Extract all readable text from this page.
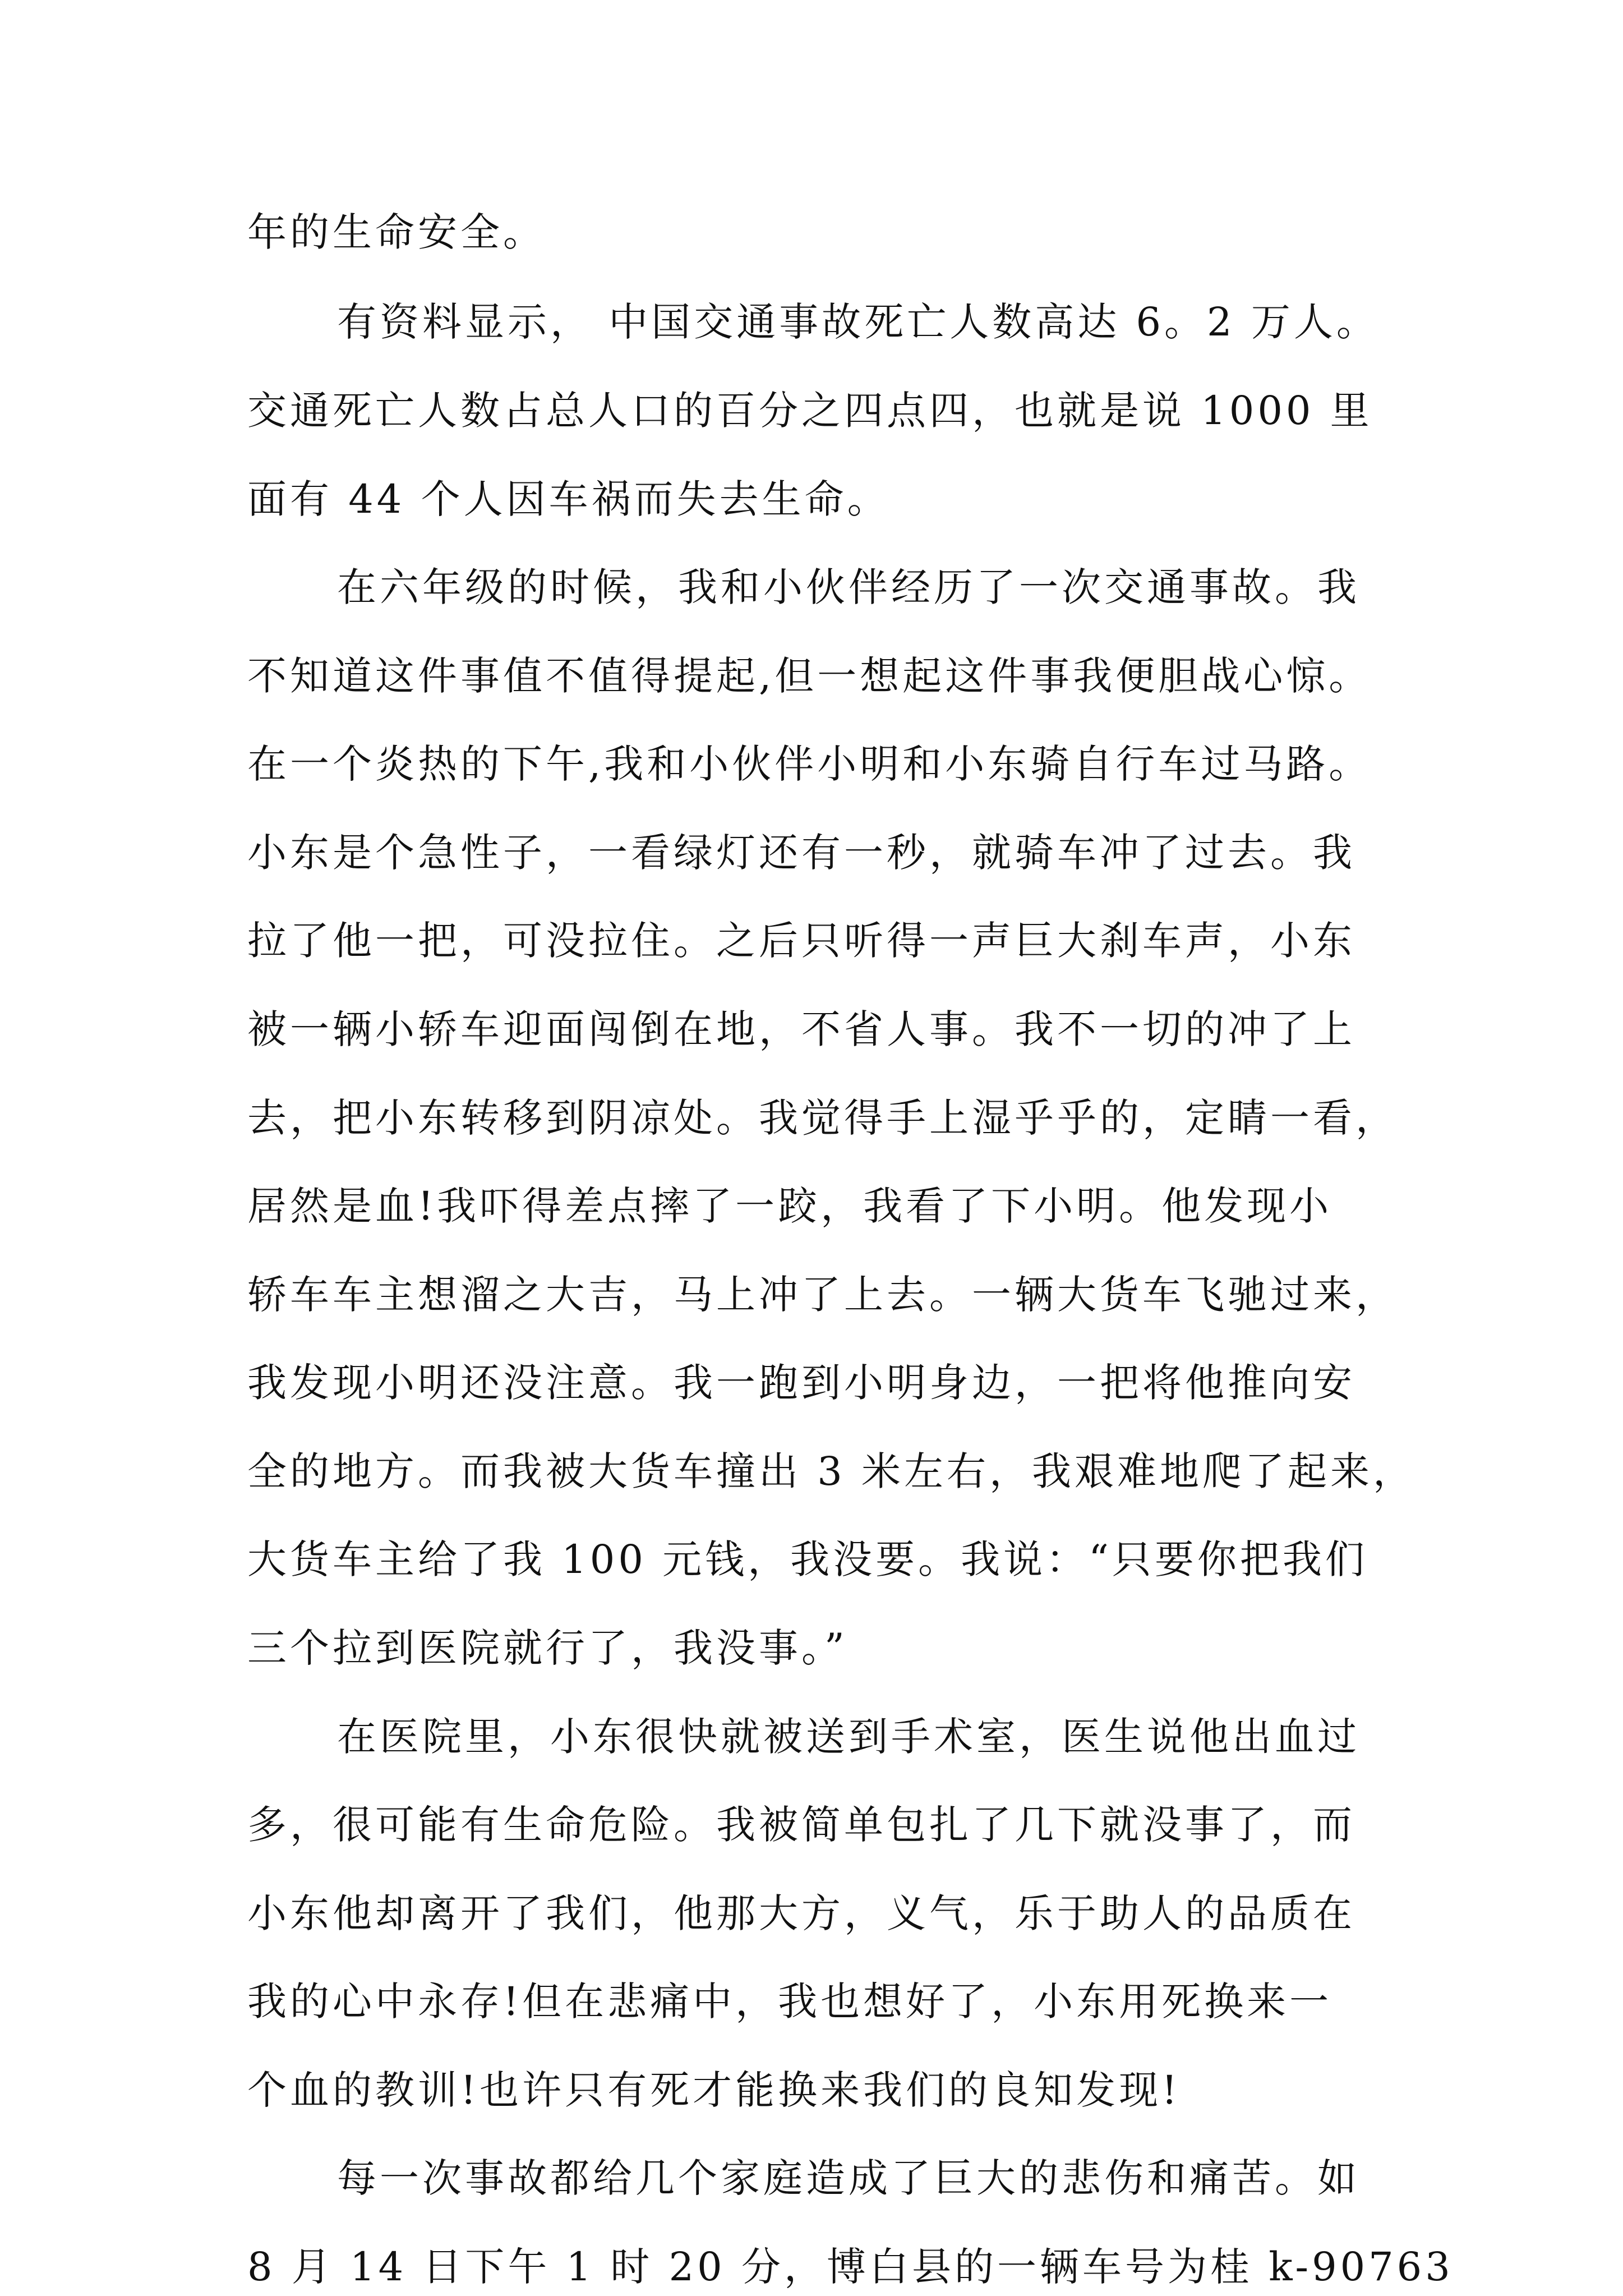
年的生命安全。
有资料显示， 中国交通事故死亡人数高达 6。2 万人。
交通死亡人数占总人口的百分之四点四，也就是说 1000 里
面有 44 个人因车祸而失去生命。
在六年级的时候，我和小伙伴经历了一次交通事故。我
不知道这件事值不值得提起,但一想起这件事我便胆战心惊。
在一个炎热的下午,我和小伙伴小明和小东骑自行车过马路。
小东是个急性子，一看绿灯还有一秒，就骑车冲了过去。我
拉了他一把，可没拉住。之后只听得一声巨大刹车声，小东
被一辆小轿车迎面闯倒在地，不省人事。我不一切的冲了上
去，把小东转移到阴凉处。我觉得手上湿乎乎的，定睛一看，
居然是血!我吓得差点摔了一跤，我看了下小明。他发现小
轿车车主想溜之大吉，马上冲了上去。一辆大货车飞驰过来，
我发现小明还没注意。我一跑到小明身边，一把将他推向安
全的地方。而我被大货车撞出 3 米左右，我艰难地爬了起来，
大货车主给了我 100 元钱，我没要。我说：“只要你把我们
三个拉到医院就行了，我没事。”
在医院里，小东很快就被送到手术室，医生说他出血过
多，很可能有生命危险。我被简单包扎了几下就没事了，而
小东他却离开了我们，他那大方，义气，乐于助人的品质在
我的心中永存!但在悲痛中，我也想好了，小东用死换来一
个血的教训!也许只有死才能换来我们的良知发现!
每一次事故都给几个家庭造成了巨大的悲伤和痛苦。如
8 月 14 日下午 1 时 20 分，博白县的一辆车号为桂 k-90763
